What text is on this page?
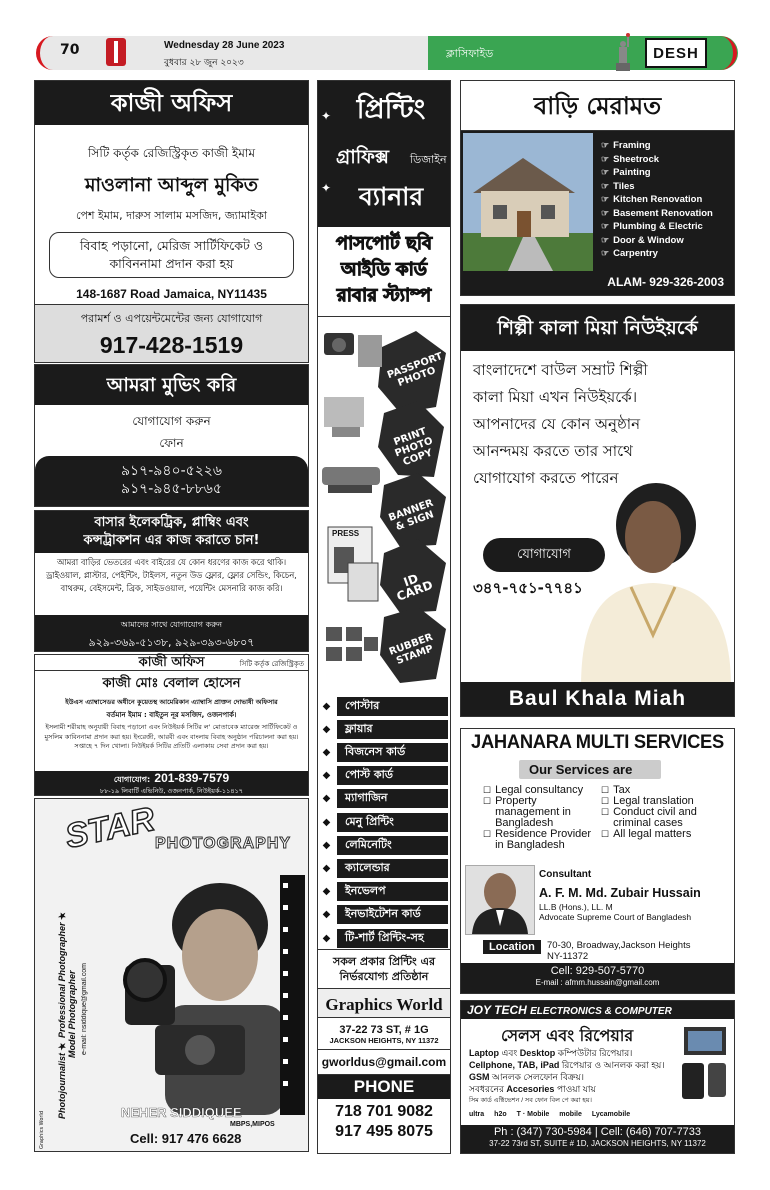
70	Wednesday 28 June 2023
বুধবার ২৮ জুন ২০২৩
ক্লাসিফাইড	DESH
কাজী অফিস
সিটি কর্তৃক রেজিস্ট্রিকৃত কাজী ইমাম
মাওলানা আব্দুল মুকিত
পেশ ইমাম, দারুস সালাম মসজিদ, জ্যামাইকা
বিবাহ পড়ানো, মেরিজ সার্টিফিকেট ও কাবিননামা প্রদান করা হয়
148-1687 Road Jamaica, NY11435
পরামর্শ ও এপয়েন্টমেন্টের জন্য যোগাযোগ
917-428-1519
আমরা মুভিং করি
যোগাযোগ করুন
ফোন
৯১৭-৯৪০-৫২২৬
৯১৭-৯৪৫-৮৮৬৫
বাসার ইলেকট্রিক, প্লাম্বিং এবং
কন্সট্রাকশন এর কাজ করাতে চান!
আমরা বাড়ির ভেতরের এবং বাইরের যে কোন ধরণের কাজ করে থাকি। ড্রাইওয়াল, প্লাস্টার, পেইন্টিং, টাইলস, নতুন উড ফ্লোর, ফ্লোর সেন্ডিং, কিচেন, বাথরুম, বেইসমেন্ট, ব্রিক, সাইডওয়াল, পয়েন্টিং মেসনারি কাজ করি।
আমাদের সাথে যোগাযোগ করুন
৯২৯-৩৬৯-৫১৩৮, ৯২৯-৩৯৩-৬৮০৭
কাজী অফিস	সিটি কর্তৃক রেজিস্ট্রিকৃত
কাজী মোঃ বেলাল হোসেন
ইউএস এ্যাম্বাসেডর অধীনে কুয়েতস্থ আমেরিকান এ্যাম্বাসি প্রাক্তন দোভাষী অফিসার
বর্তমান ইমাম : বাইতুন নূর মসজিদ, ওজনপার্ক।
ইসলামী শরীয়াহ অনুযায়ী বিবাহ পড়ানো এবং নিউইয়র্ক সিটির ল' মোতাবেক ম্যারেজ সার্টিফিকেট ও মুসলিম কাবিননামা প্রদান করা হয়। ইংরেজী, আরবী এবং বাংলায় বিবাহ অনুষ্ঠান পরিচালনা করা হয়। সপ্তাহে ৭ দিন খোলা। নিউইয়র্ক সিটির প্রতিটি এলাকায় সেবা প্রদান করা হয়।
যোগাযোগ: 201-839-7579
৮৮-১৯ লিবার্টি এভিনিউ, ওজনপার্ক, নিউইয়র্ক-১১৪১৭
STAR
PHOTOGRAPHY
Photojournalist ★ Professional Photographer ★ Model Photographer e-mail: nsiddique@gmail.com
NEHER SIDDIQUEE
MBPS,MIPOS
Cell: 917 476 6628
Graphics World
✦
✦
প্রিন্টিং
গ্রাফিক্স ডিজাইন
ব্যানার
পাসপোর্ট ছবি
আইডি কার্ড
রাবার স্ট্যাম্প
PASSPORT PHOTO
PRINT PHOTO COPY
BANNER & SIGN
ID CARD
RUBBER STAMP
PRESS
◆	পোস্টার
◆	ফ্লায়ার
◆	বিজনেস কার্ড
◆	পোস্ট কার্ড
◆	ম্যাগাজিন
◆	মেনু প্রিন্টিং
◆	লেমিনেটিং
◆	ক্যালেন্ডার
◆	ইনভেলপ
◆	ইনভাইটেশন কার্ড
◆	টি-শার্ট প্রিন্টিং-সহ
সকল প্রকার প্রিন্টিং এর
নির্ভরযোগ্য প্রতিষ্ঠান
Graphics World
37-22 73 ST, # 1G
JACKSON HEIGHTS, NY 11372
gworldus@gmail.com
PHONE
718 701 9082
917 495 8075
বাড়ি মেরামত
☞ Framing
☞ Sheetrock
☞ Painting
☞ Tiles
☞ Kitchen Renovation
☞ Basement Renovation
☞ Plumbing & Electric
☞ Door & Window
☞ Carpentry
ALAM- 929-326-2003
শিল্পী কালা মিয়া নিউইয়র্কে
বাংলাদেশে বাউল সম্রাট শিল্পী
কালা মিয়া এখন নিউইয়র্কে।
আপনাদের যে কোন অনুষ্ঠান
আনন্দময় করতে তার সাথে
যোগাযোগ করতে পারেন
যোগাযোগ
৩৪৭-৭৫১-৭৭৪১
Baul Khala Miah
JAHANARA MULTI SERVICES
Our Services are
☐ Legal consultancy
☐ Property management in Bangladesh
☐ Residence Provider in Bangladesh
☐ Tax
☐ Legal translation
☐ Conduct civil and criminal cases
☐ All legal matters
Consultant
A. F. M. Md. Zubair Hussain
LL.B (Hons.), LL. M
Advocate Supreme Court of Bangladesh
Location	70-30, Broadway,Jackson Heights
NY-11372
Cell: 929-507-5770
E-mail : afmm.hussain@gmail.com
JOY TECH ELECTRONICS & COMPUTER
সেলস এবং রিপেয়ার
Laptop এবং Desktop কম্পিউটার রিপেয়ার।
Cellphone, TAB, iPad রিপেয়ার ও আনলক করা হয়।
GSM আনলক সেলফোন বিক্রয়।
সবধরনের Accesories পাওয়া যায়
সিম কার্ড এক্টিভেশন / সব ফোন বিল পে করা হয়।
ultra h2o T · Mobile mobile Lycamobile
Ph : (347) 730-5984 | Cell: (646) 707-7733
37-22 73rd ST, SUITE # 1D, JACKSON HEIGHTS, NY 11372
